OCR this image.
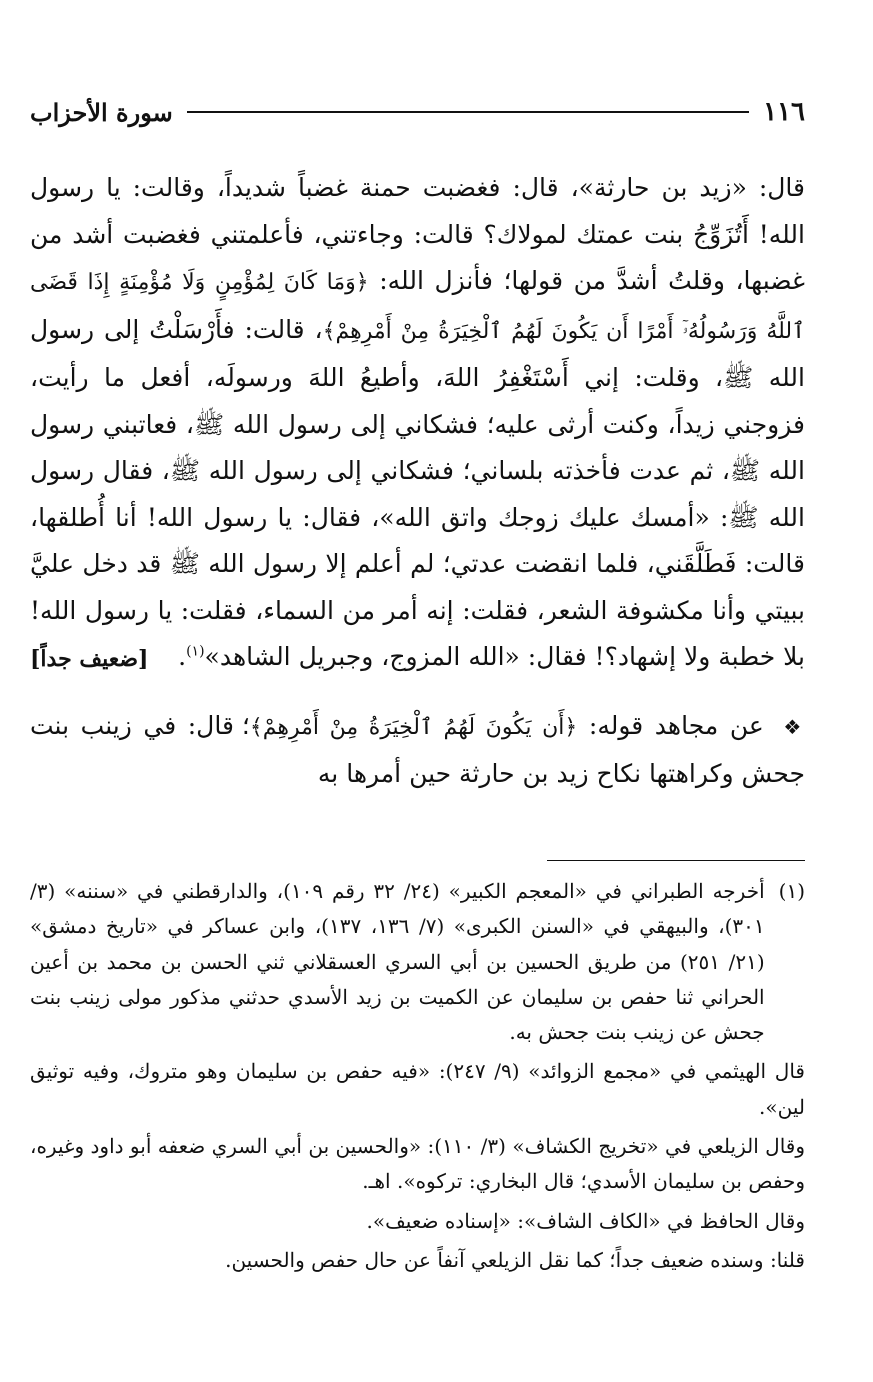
١١٦
سورة الأحزاب

قال: «زيد بن حارثة»، قال: فغضبت حمنة غضباً شديداً، وقالت: يا رسول الله! أَتُزَوِّجُ بنت عمتك لمولاك؟ قالت: وجاءتني، فأعلمتني فغضبت أشد من غضبها، وقلتُ أشدَّ من قولها؛ فأنزل الله: ﴿وَمَا كَانَ لِمُؤْمِنٍ وَلَا مُؤْمِنَةٍ إِذَا قَضَى ٱللَّهُ وَرَسُولُهُۥٓ أَمْرًا أَن يَكُونَ لَهُمُ ٱلْخِيَرَةُ مِنْ أَمْرِهِمْ﴾، قالت: فأَرْسَلْتُ إلى رسول الله ﷺ، وقلت: إني أَسْتَغْفِرُ اللهَ، وأطيعُ اللهَ ورسولَه، أفعل ما رأيت، فزوجني زيداً، وكنت أرثى عليه؛ فشكاني إلى رسول الله ﷺ، فعاتبني رسول الله ﷺ، ثم عدت فأخذته بلساني؛ فشكاني إلى رسول الله ﷺ، فقال رسول الله ﷺ: «أمسك عليك زوجك واتق الله»، فقال: يا رسول الله! أنا أُطلقها، قالت: فَطَلَّقَني، فلما انقضت عدتي؛ لم أعلم إلا رسول الله ﷺ قد دخل عليَّ ببيتي وأنا مكشوفة الشعر، فقلت: إنه أمر من السماء، فقلت: يا رسول الله! بلا خطبة ولا إشهاد؟! فقال: «الله المزوج، وجبريل الشاهد»$^{(١)}$.
[ضعيف جداً]

❖ عن مجاهد قوله: ﴿أَن يَكُونَ لَهُمُ ٱلْخِيَرَةُ مِنْ أَمْرِهِمْ﴾؛ قال: في زينب بنت جحش وكراهتها نكاح زيد بن حارثة حين أمرها به

(١)
أخرجه الطبراني في «المعجم الكبير» (٢٤/ ٣٢ رقم ١٠٩)، والدارقطني في «سننه» (٣/ ٣٠١)، والبيهقي في «السنن الكبرى» (٧/ ١٣٦، ١٣٧)، وابن عساكر في «تاريخ دمشق» (٢١/ ٢٥١) من طريق الحسين بن أبي السري العسقلاني ثني الحسن بن محمد بن أعين الحراني ثنا حفص بن سليمان عن الكميت بن زيد الأسدي حدثني مذكور مولى زينب بنت جحش عن زينب بنت جحش به.

قال الهيثمي في «مجمع الزوائد» (٩/ ٢٤٧): «فيه حفص بن سليمان وهو متروك، وفيه توثيق لين».

وقال الزيلعي في «تخريج الكشاف» (٣/ ١١٠): «والحسين بن أبي السري ضعفه أبو داود وغيره، وحفص بن سليمان الأسدي؛ قال البخاري: تركوه». اهـ.

وقال الحافظ في «الكاف الشاف»: «إسناده ضعيف».

قلنا: وسنده ضعيف جداً؛ كما نقل الزيلعي آنفاً عن حال حفص والحسين.
